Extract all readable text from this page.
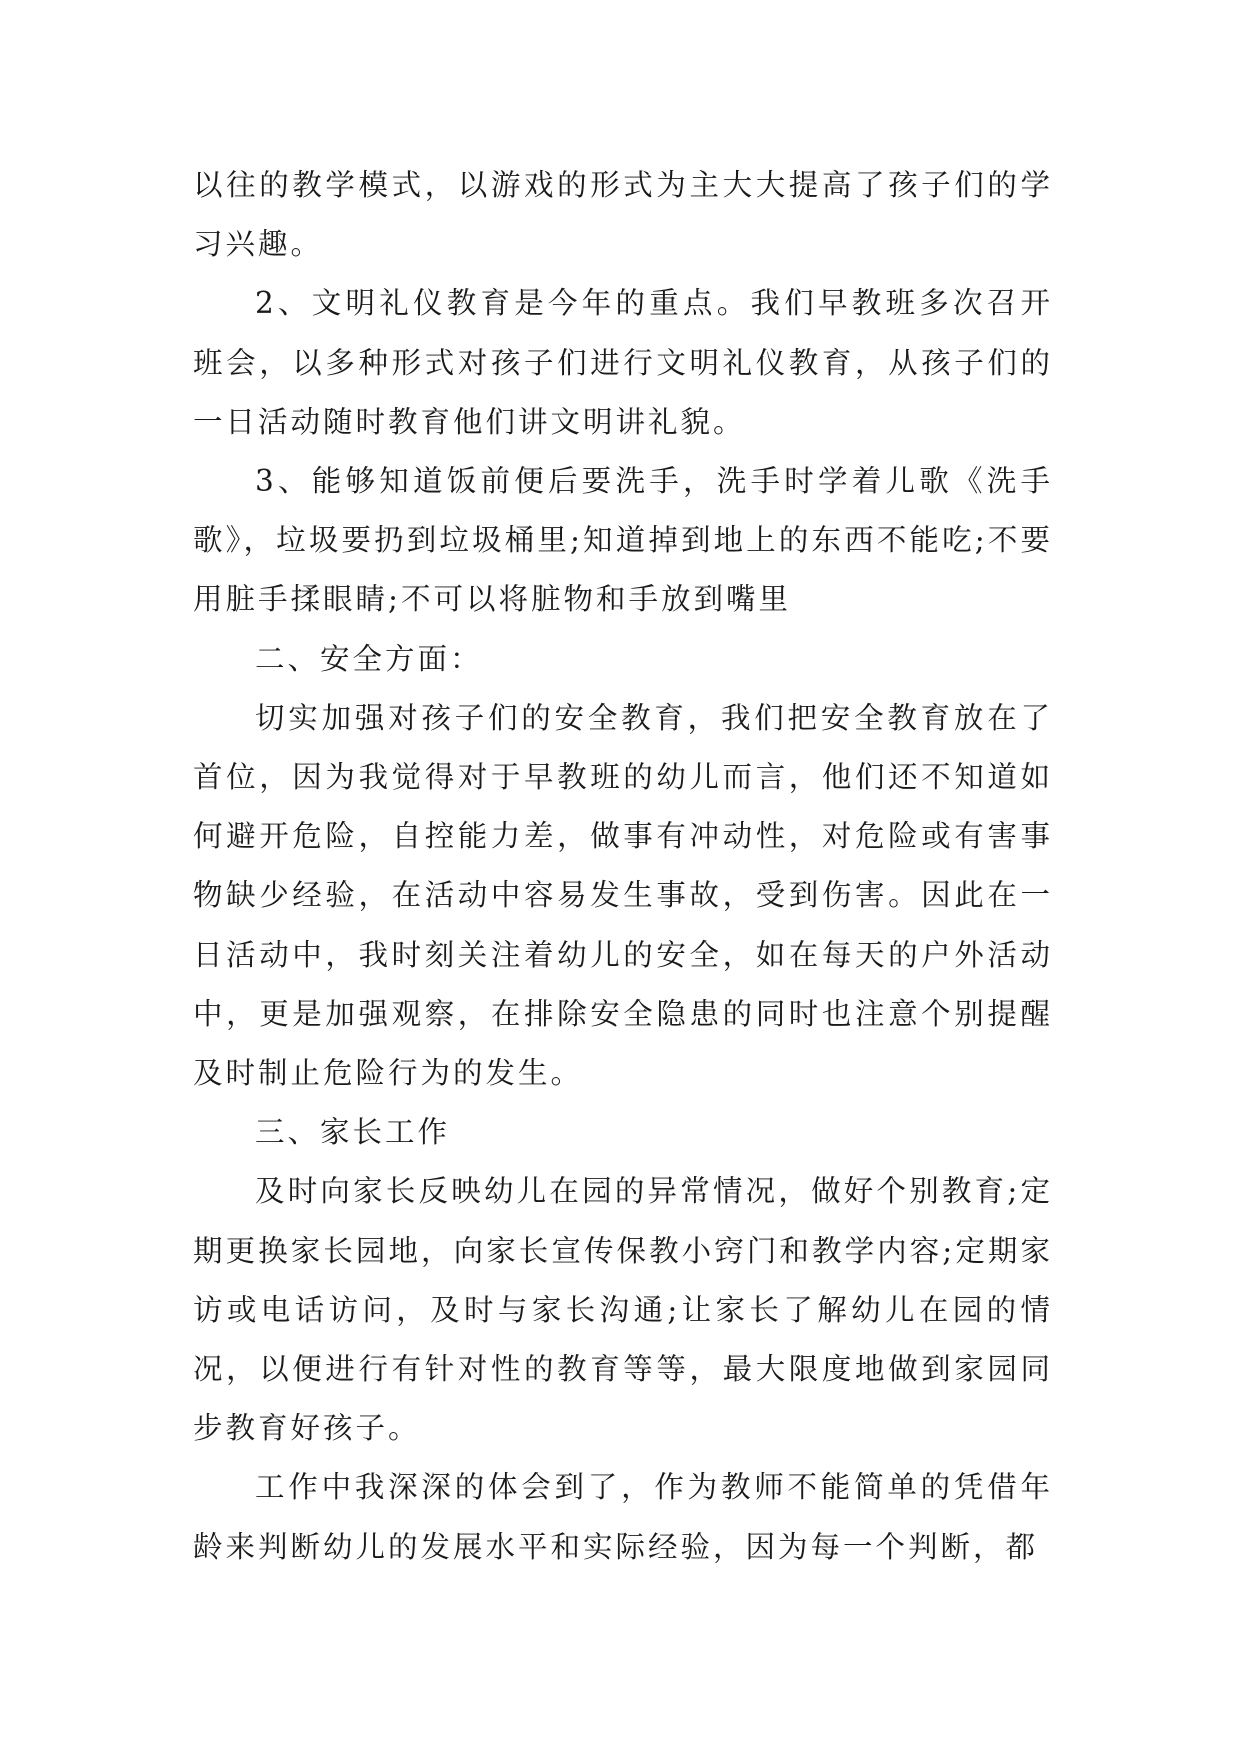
以往的教学模式，以游戏的形式为主大大提高了孩子们的学习兴趣。

2、文明礼仪教育是今年的重点。我们早教班多次召开班会，以多种形式对孩子们进行文明礼仪教育，从孩子们的一日活动随时教育他们讲文明讲礼貌。

3、能够知道饭前便后要洗手，洗手时学着儿歌《洗手歌》，垃圾要扔到垃圾桶里;知道掉到地上的东西不能吃;不要用脏手揉眼睛;不可以将脏物和手放到嘴里

二、安全方面：

切实加强对孩子们的安全教育，我们把安全教育放在了首位，因为我觉得对于早教班的幼儿而言，他们还不知道如何避开危险，自控能力差，做事有冲动性，对危险或有害事物缺少经验，在活动中容易发生事故，受到伤害。因此在一日活动中，我时刻关注着幼儿的安全，如在每天的户外活动中，更是加强观察，在排除安全隐患的同时也注意个别提醒及时制止危险行为的发生。

三、家长工作

及时向家长反映幼儿在园的异常情况，做好个别教育;定期更换家长园地，向家长宣传保教小窍门和教学内容;定期家访或电话访问，及时与家长沟通;让家长了解幼儿在园的情况，以便进行有针对性的教育等等，最大限度地做到家园同步教育好孩子。

工作中我深深的体会到了，作为教师不能简单的凭借年龄来判断幼儿的发展水平和实际经验，因为每一个判断，都
